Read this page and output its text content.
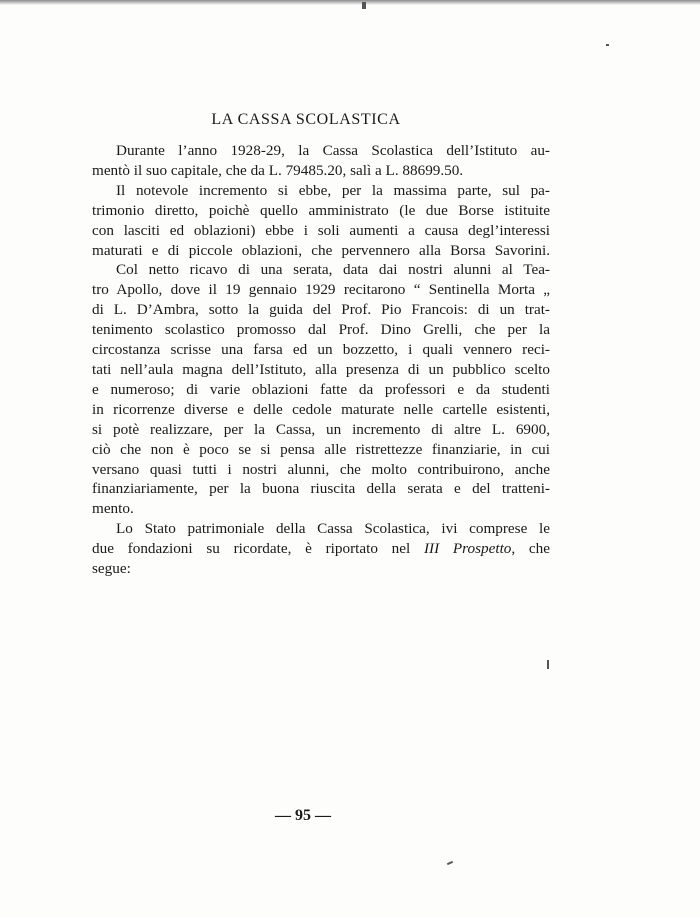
LA CASSA SCOLASTICA
Durante l’anno 1928-29, la Cassa Scolastica dell’Istituto au-
mentò il suo capitale, che da L. 79485.20, salì a L. 88699.50.
Il notevole incremento si ebbe, per la massima parte, sul pa-
trimonio diretto, poichè quello amministrato (le due Borse istituite
con lasciti ed oblazioni) ebbe i soli aumenti a causa degl’interessi
maturati e di piccole oblazioni, che pervennero alla Borsa Savorini.
Col netto ricavo di una serata, data dai nostri alunni al Tea-
tro Apollo, dove il 19 gennaio 1929 recitarono “ Sentinella Morta „
di L. D’Ambra, sotto la guida del Prof. Pio Francois: di un trat-
tenimento scolastico promosso dal Prof. Dino Grelli, che per la
circostanza scrisse una farsa ed un bozzetto, i quali vennero reci-
tati nell’aula magna dell’Istituto, alla presenza di un pubblico scelto
e numeroso; di varie oblazioni fatte da professori e da studenti
in ricorrenze diverse e delle cedole maturate nelle cartelle esistenti,
si potè realizzare, per la Cassa, un incremento di altre L. 6900,
ciò che non è poco se si pensa alle ristrettezze finanziarie, in cui
versano quasi tutti i nostri alunni, che molto contribuirono, anche
finanziariamente, per la buona riuscita della serata e del tratteni-
mento.
Lo Stato patrimoniale della Cassa Scolastica, ivi comprese le
due fondazioni su ricordate, è riportato nel III Prospetto, che
segue:
— 95 —
